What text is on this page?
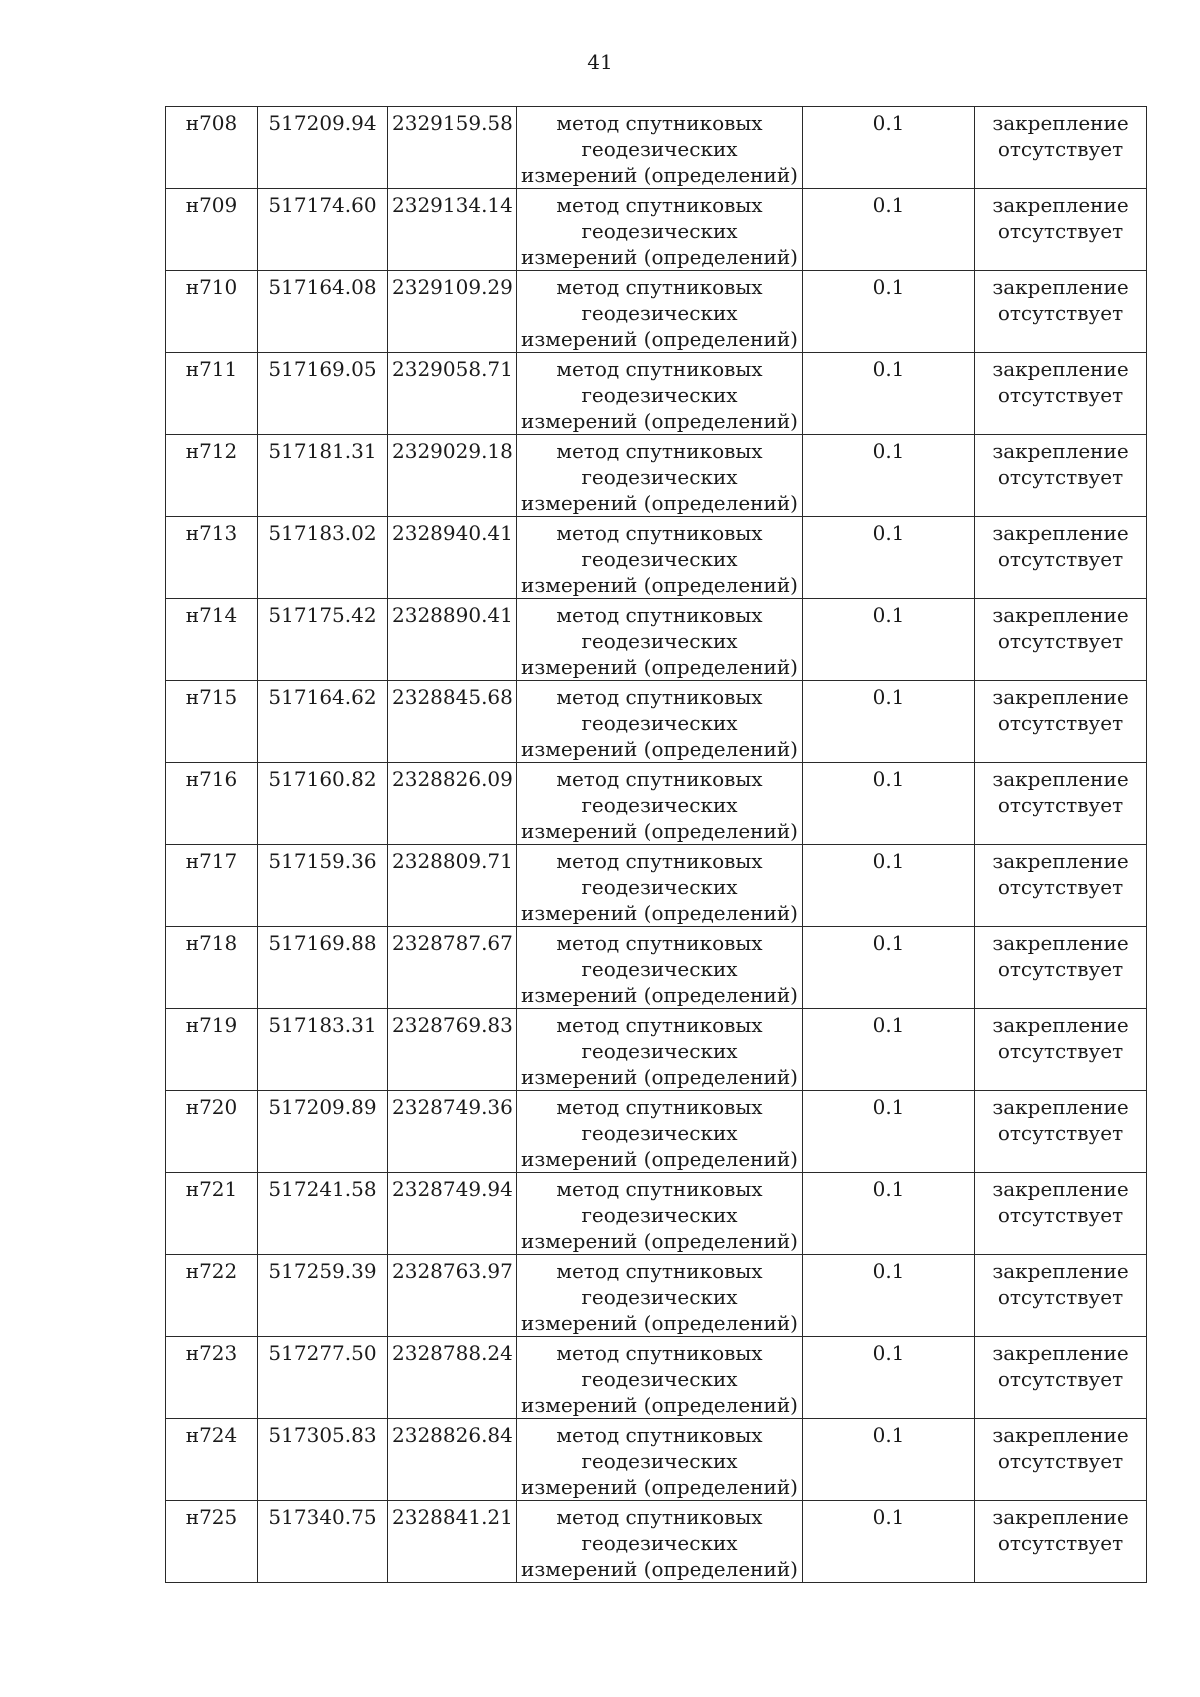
41
н708	517209.94	2329159.58	метод спутниковых геодезических измерений (определений)	0.1	закрепление отсутствует
н709	517174.60	2329134.14	метод спутниковых геодезических измерений (определений)	0.1	закрепление отсутствует
н710	517164.08	2329109.29	метод спутниковых геодезических измерений (определений)	0.1	закрепление отсутствует
н711	517169.05	2329058.71	метод спутниковых геодезических измерений (определений)	0.1	закрепление отсутствует
н712	517181.31	2329029.18	метод спутниковых геодезических измерений (определений)	0.1	закрепление отсутствует
н713	517183.02	2328940.41	метод спутниковых геодезических измерений (определений)	0.1	закрепление отсутствует
н714	517175.42	2328890.41	метод спутниковых геодезических измерений (определений)	0.1	закрепление отсутствует
н715	517164.62	2328845.68	метод спутниковых геодезических измерений (определений)	0.1	закрепление отсутствует
н716	517160.82	2328826.09	метод спутниковых геодезических измерений (определений)	0.1	закрепление отсутствует
н717	517159.36	2328809.71	метод спутниковых геодезических измерений (определений)	0.1	закрепление отсутствует
н718	517169.88	2328787.67	метод спутниковых геодезических измерений (определений)	0.1	закрепление отсутствует
н719	517183.31	2328769.83	метод спутниковых геодезических измерений (определений)	0.1	закрепление отсутствует
н720	517209.89	2328749.36	метод спутниковых геодезических измерений (определений)	0.1	закрепление отсутствует
н721	517241.58	2328749.94	метод спутниковых геодезических измерений (определений)	0.1	закрепление отсутствует
н722	517259.39	2328763.97	метод спутниковых геодезических измерений (определений)	0.1	закрепление отсутствует
н723	517277.50	2328788.24	метод спутниковых геодезических измерений (определений)	0.1	закрепление отсутствует
н724	517305.83	2328826.84	метод спутниковых геодезических измерений (определений)	0.1	закрепление отсутствует
н725	517340.75	2328841.21	метод спутниковых геодезических измерений (определений)	0.1	закрепление отсутствует
